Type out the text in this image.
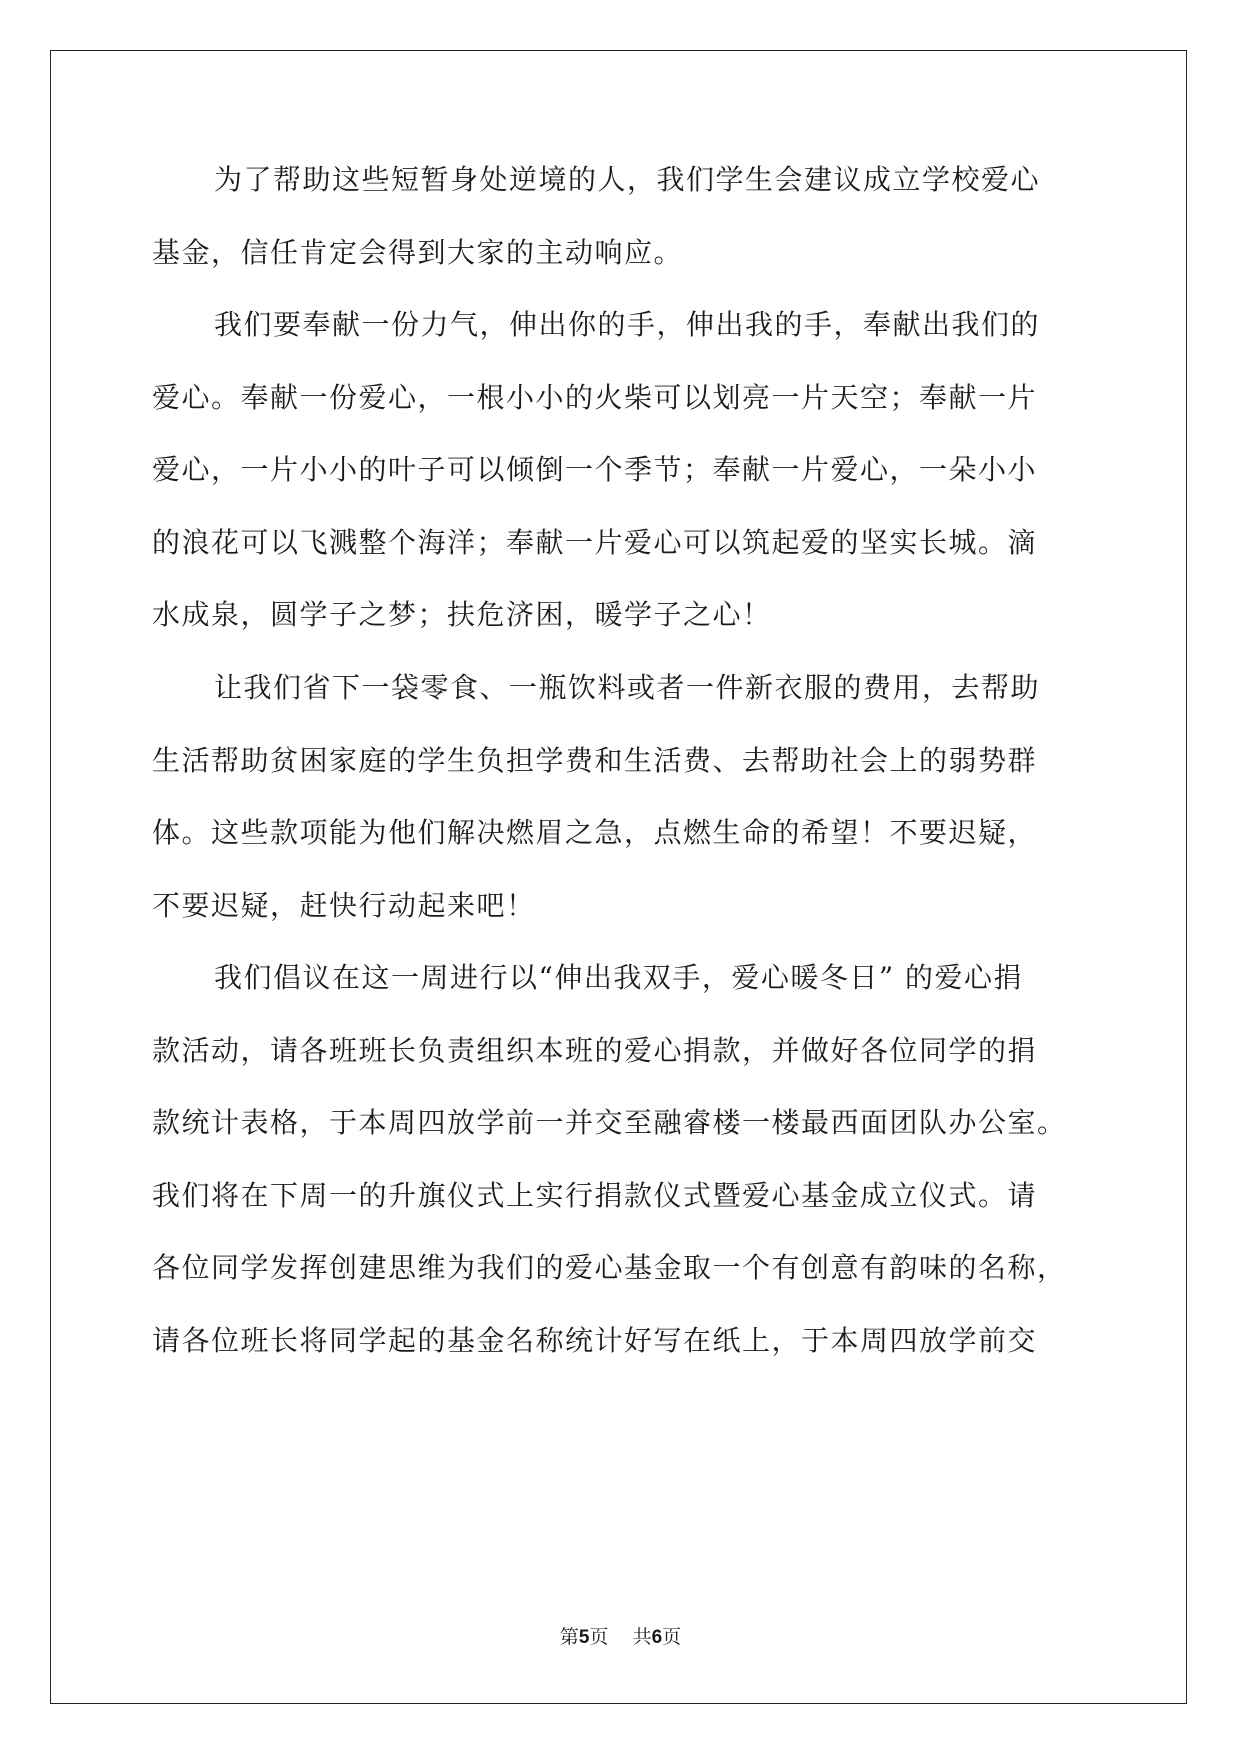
为了帮助这些短暂身处逆境的人，我们学生会建议成立学校爱心
基金，信任肯定会得到大家的主动响应。
我们要奉献一份力气，伸出你的手，伸出我的手，奉献出我们的
爱心。奉献一份爱心，一根小小的火柴可以划亮一片天空；奉献一片
爱心，一片小小的叶子可以倾倒一个季节；奉献一片爱心，一朵小小
的浪花可以飞溅整个海洋；奉献一片爱心可以筑起爱的坚实长城。滴
水成泉，圆学子之梦；扶危济困，暖学子之心！
让我们省下一袋零食、一瓶饮料或者一件新衣服的费用，去帮助
生活帮助贫困家庭的学生负担学费和生活费、去帮助社会上的弱势群
体。这些款项能为他们解决燃眉之急，点燃生命的希望！不要迟疑，
不要迟疑，赶快行动起来吧！
我们倡议在这一周进行以“伸出我双手，爱心暖冬日” 的爱心捐
款活动，请各班班长负责组织本班的爱心捐款，并做好各位同学的捐
款统计表格，于本周四放学前一并交至融睿楼一楼最西面团队办公室。
我们将在下周一的升旗仪式上实行捐款仪式暨爱心基金成立仪式。请
各位同学发挥创建思维为我们的爱心基金取一个有创意有韵味的名称，
请各位班长将同学起的基金名称统计好写在纸上，于本周四放学前交
第5页 共6页
